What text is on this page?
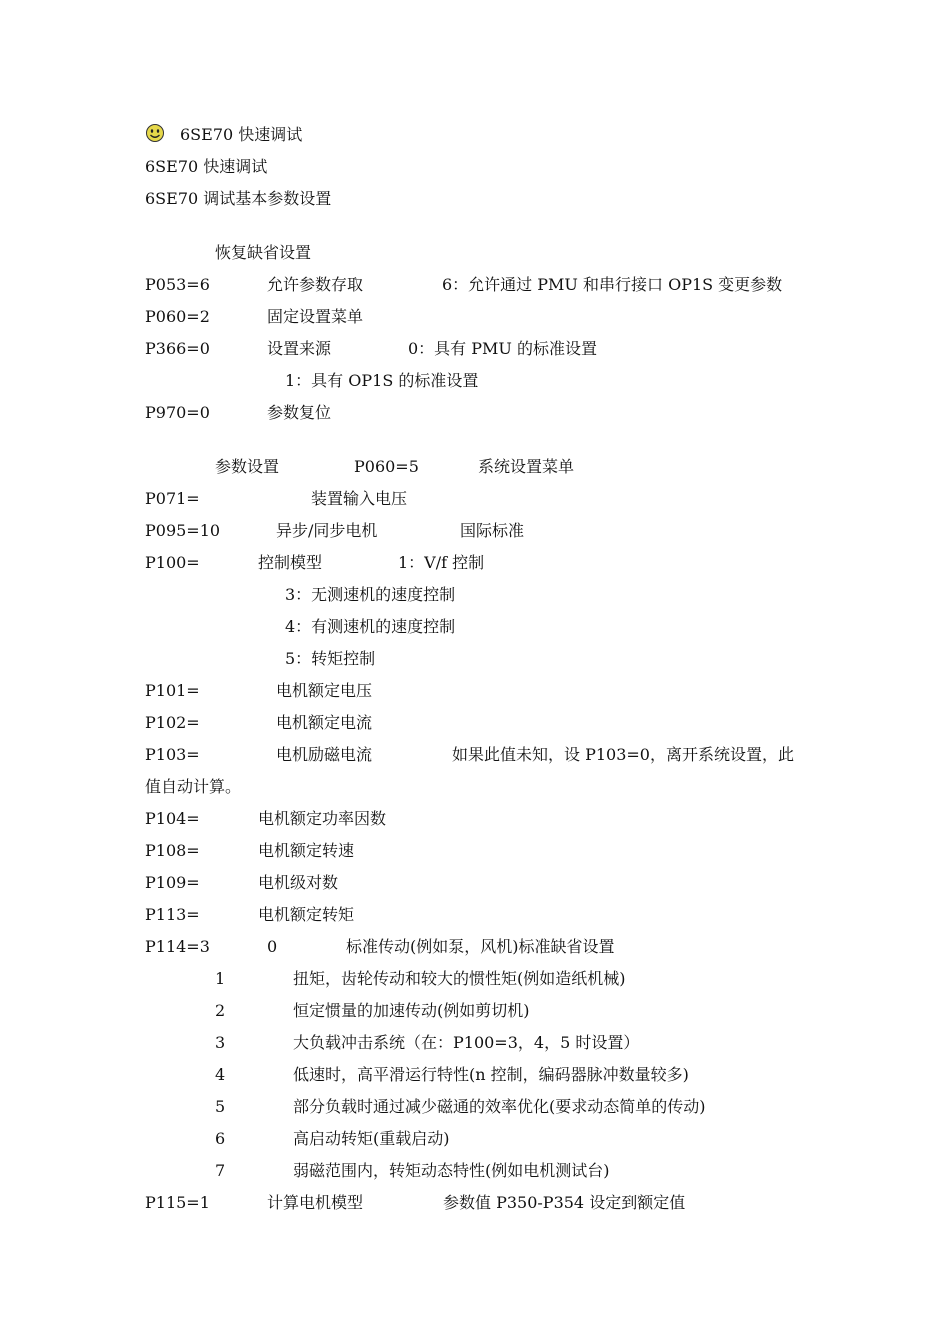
6SE70 快速调试
6SE70 快速调试
6SE70 调试基本参数设置
恢复缺省设置
P053=6	允许参数存取	6：允许通过 PMU 和串行接口 OP1S 变更参数
P060=2	固定设置菜单
P366=0	设置来源	0：具有 PMU 的标准设置
1：具有 OP1S 的标准设置
P970=0	参数复位
参数设置	P060=5	系统设置菜单
P071=	装置输入电压
P095=10	异步/同步电机	国际标准
P100=	控制模型	1：V/f 控制
3：无测速机的速度控制
4：有测速机的速度控制
5：转矩控制
P101=	电机额定电压
P102=	电机额定电流
P103=	电机励磁电流	如果此值未知，设 P103=0，离开系统设置，此
值自动计算。
P104=	电机额定功率因数
P108=	电机额定转速
P109=	电机级对数
P113=	电机额定转矩
P114=3	0	标准传动(例如泵，风机)标准缺省设置
1	扭矩，齿轮传动和较大的惯性矩(例如造纸机械)
2	恒定惯量的加速传动(例如剪切机)
3	大负载冲击系统（在：P100=3，4，5 时设置）
4	低速时，高平滑运行特性(n 控制，编码器脉冲数量较多)
5	部分负载时通过减少磁通的效率优化(要求动态简单的传动)
6	高启动转矩(重载启动)
7	弱磁范围内，转矩动态特性(例如电机测试台)
P115=1	计算电机模型	参数值 P350-P354 设定到额定值
